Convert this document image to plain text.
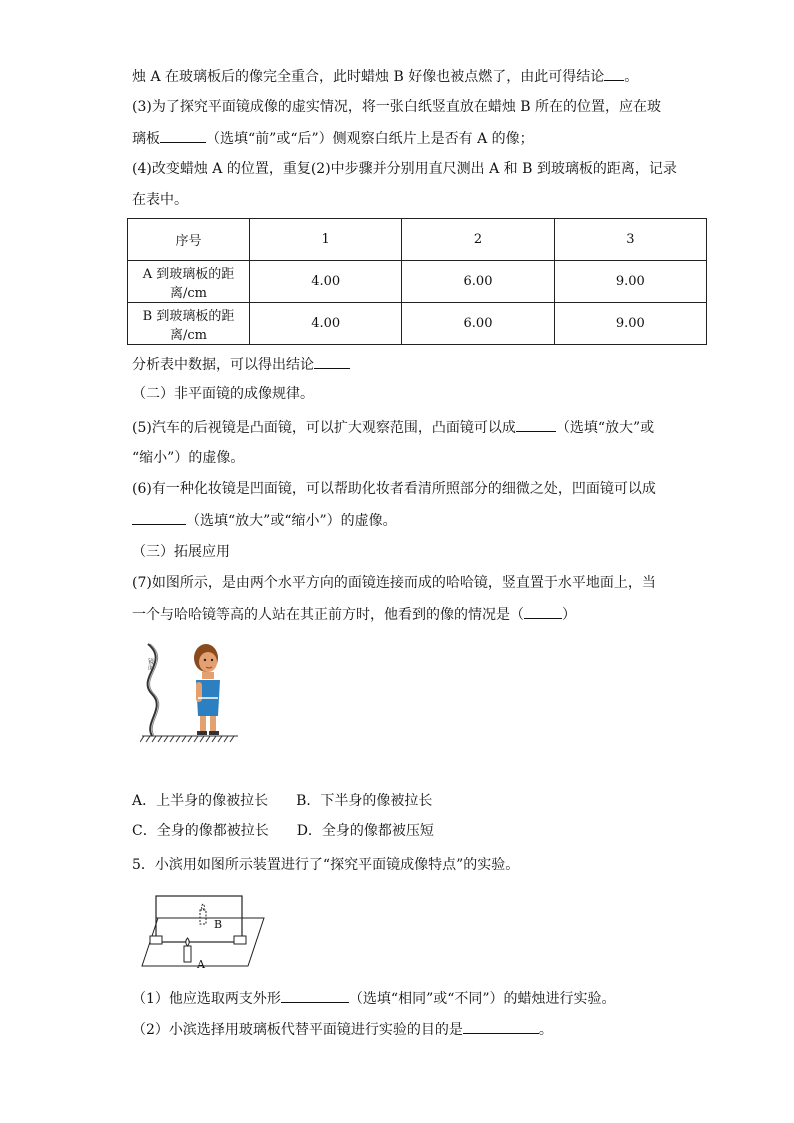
烛 A 在玻璃板后的像完全重合，此时蜡烛 B 好像也被点燃了，由此可得结论 。
(3)为了探究平面镜成像的虚实情况，将一张白纸竖直放在蜡烛 B 所在的位置，应在玻
璃板	（选填“前”或“后”）侧观察白纸片上是否有 A 的像；
(4)改变蜡烛 A 的位置，重复(2)中步骤并分别用直尺测出 A 和 B 到玻璃板的距离，记录
在表中。
序号	1	2	3
A 到玻璃板的距离/cm	4.00	6.00	9.00
B 到玻璃板的距离/cm	4.00	6.00	9.00
分析表中数据，可以得出结论
（二）非平面镜的成像规律。
(5)汽车的后视镜是凸面镜，可以扩大观察范围，凸面镜可以成	（选填“放大”或
“缩小”）的虚像。
(6)有一种化妆镜是凹面镜，可以帮助化妆者看清所照部分的细微之处，凹面镜可以成
（选填“放大”或“缩小”）的虚像。
（三）拓展应用
(7)如图所示，是由两个水平方向的面镜连接而成的哈哈镜，竖直置于水平地面上，当
一个与哈哈镜等高的人站在其正前方时，他看到的像的情况是（	）
镜面
A．上半身的像被拉长　　B．下半身的像被拉长
C．全身的像都被拉长　　D．全身的像都被压短
5．小滨用如图所示装置进行了“探究平面镜成像特点”的实验。
B
A
（1）他应选取两支外形	（选填“相同”或“不同”）的蜡烛进行实验。
（2）小滨选择用玻璃板代替平面镜进行实验的目的是	。
